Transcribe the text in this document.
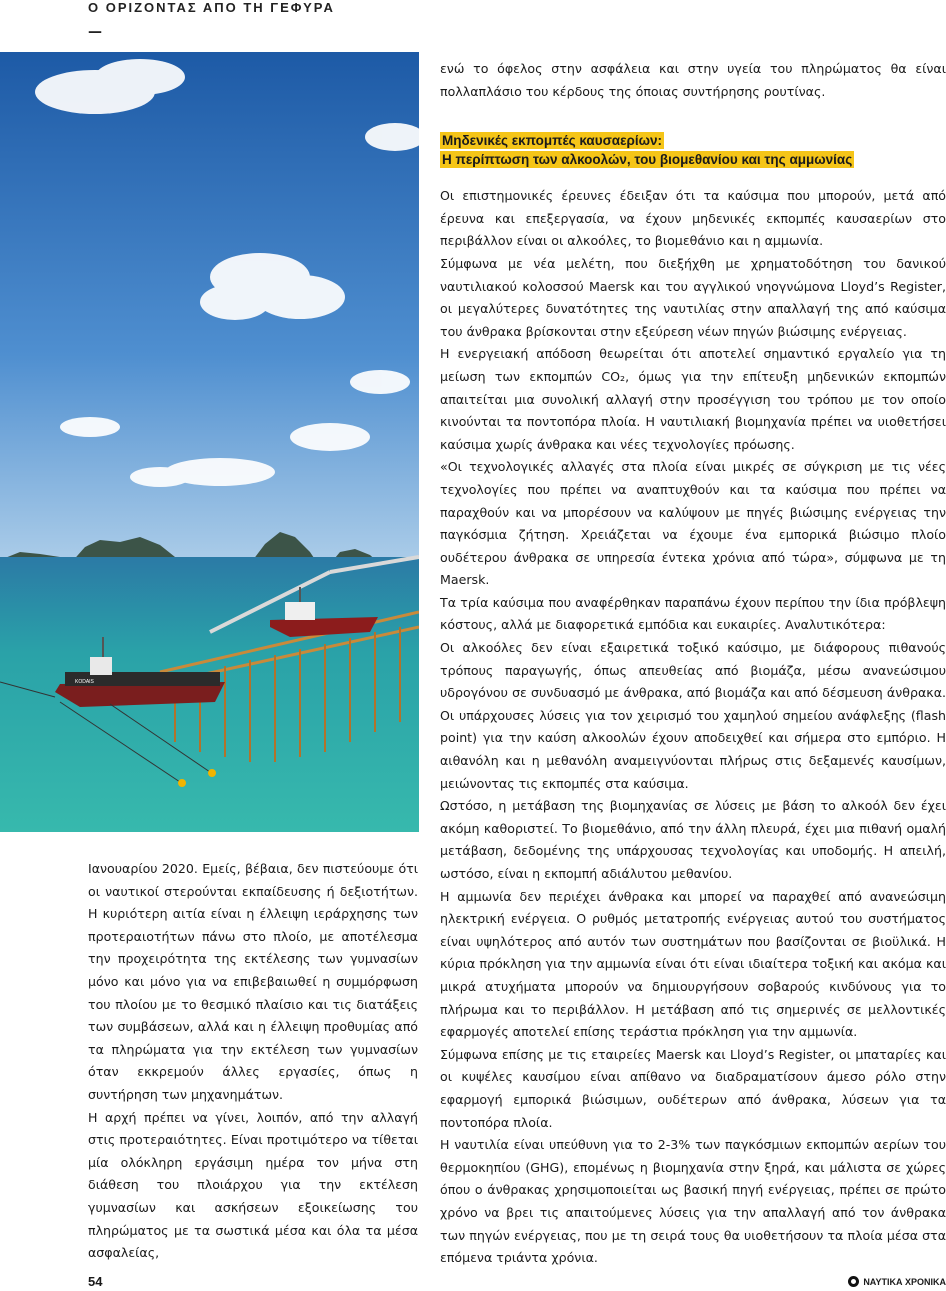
Ο ΟΡΙΖΟΝΤΑΣ ΑΠΟ ΤΗ ΓΕΦΥΡΑ
—
KODAIS

Ιανουαρίου 2020. Εμείς, βέβαια, δεν πιστεύουμε ότι οι ναυτικοί στερούνται εκπαίδευσης ή δεξιοτήτων. Η κυριότερη αιτία είναι η έλλειψη ιεράρχησης των προτεραιοτήτων πάνω στο πλοίο, με αποτέλεσμα την προχειρότητα της εκτέλεσης των γυμνασίων μόνο και μόνο για να επιβεβαιωθεί η συμμόρφωση του πλοίου με το θεσμικό πλαίσιο και τις διατάξεις των συμβάσεων, αλλά και η έλλειψη προθυμίας από τα πληρώματα για την εκτέλεση των γυμνασίων όταν εκκρεμούν άλλες εργασίες, όπως η συντήρηση των μηχανημάτων.

Η αρχή πρέπει να γίνει, λοιπόν, από την αλλαγή στις προτεραιότητες. Είναι προτιμότερο να τίθεται μία ολόκληρη εργάσιμη ημέρα τον μήνα στη διάθεση του πλοιάρχου για την εκτέλεση γυμνασίων και ασκήσεων εξοικείωσης του πληρώματος με τα σωστικά μέσα και όλα τα μέσα ασφαλείας,

ενώ το όφελος στην ασφάλεια και στην υγεία του πληρώματος θα είναι πολλαπλάσιο του κέρδους της όποιας συντήρησης ρουτίνας.

Μηδενικές εκπομπές καυσαερίων:
Η περίπτωση των αλκοολών, του βιομεθανίου και της αμμωνίας

Οι επιστημονικές έρευνες έδειξαν ότι τα καύσιμα που μπορούν, μετά από έρευνα και επεξεργασία, να έχουν μηδενικές εκπομπές καυσαερίων στο περιβάλλον είναι οι αλκοόλες, το βιομεθάνιο και η αμμωνία.

Σύμφωνα με νέα μελέτη, που διεξήχθη με χρηματοδότηση του δανικού ναυτιλιακού κολοσσού Maersk και του αγγλικού νηογνώμονα Lloyd’s Register, οι μεγαλύτερες δυνατότητες της ναυτιλίας στην απαλλαγή της από καύσιμα του άνθρακα βρίσκονται στην εξεύρεση νέων πηγών βιώσιμης ενέργειας.

Η ενεργειακή απόδοση θεωρείται ότι αποτελεί σημαντικό εργαλείο για τη μείωση των εκπομπών CO₂, όμως για την επίτευξη μηδενικών εκπομπών απαιτείται μια συνολική αλλαγή στην προσέγγιση του τρόπου με τον οποίο κινούνται τα ποντοπόρα πλοία. Η ναυτιλιακή βιομηχανία πρέπει να υιοθετήσει καύσιμα χωρίς άνθρακα και νέες τεχνολογίες πρόωσης.

«Οι τεχνολογικές αλλαγές στα πλοία είναι μικρές σε σύγκριση με τις νέες τεχνολογίες που πρέπει να αναπτυχθούν και τα καύσιμα που πρέπει να παραχθούν και να μπορέσουν να καλύψουν με πηγές βιώσιμης ενέργειας την παγκόσμια ζήτηση. Χρειάζεται να έχουμε ένα εμπορικά βιώσιμο πλοίο ουδέτερου άνθρακα σε υπηρεσία έντεκα χρόνια από τώρα», σύμφωνα με τη Maersk.

Τα τρία καύσιμα που αναφέρθηκαν παραπάνω έχουν περίπου την ίδια πρόβλεψη κόστους, αλλά με διαφορετικά εμπόδια και ευκαιρίες. Αναλυτικότερα:

Οι αλκοόλες δεν είναι εξαιρετικά τοξικό καύσιμο, με διάφορους πιθανούς τρόπους παραγωγής, όπως απευθείας από βιομάζα, μέσω ανανεώσιμου υδρογόνου σε συνδυασμό με άνθρακα, από βιομάζα και από δέσμευση άνθρακα. Οι υπάρχουσες λύσεις για τον χειρισμό του χαμηλού σημείου ανάφλεξης (flash point) για την καύση αλκοολών έχουν αποδειχθεί και σήμερα στο εμπόριο. Η αιθανόλη και η μεθανόλη αναμειγνύονται πλήρως στις δεξαμενές καυσίμων, μειώνοντας τις εκπομπές στα καύσιμα.

Ωστόσο, η μετάβαση της βιομηχανίας σε λύσεις με βάση το αλκοόλ δεν έχει ακόμη καθοριστεί. Το βιομεθάνιο, από την άλλη πλευρά, έχει μια πιθανή ομαλή μετάβαση, δεδομένης της υπάρχουσας τεχνολογίας και υποδομής. Η απειλή, ωστόσο, είναι η εκπομπή αδιάλυτου μεθανίου.

Η αμμωνία δεν περιέχει άνθρακα και μπορεί να παραχθεί από ανανεώσιμη ηλεκτρική ενέργεια. Ο ρυθμός μετατροπής ενέργειας αυτού του συστήματος είναι υψηλότερος από αυτόν των συστημάτων που βασίζονται σε βιοϋλικά. Η κύρια πρόκληση για την αμμωνία είναι ότι είναι ιδιαίτερα τοξική και ακόμα και μικρά ατυχήματα μπορούν να δημιουργήσουν σοβαρούς κινδύνους για το πλήρωμα και το περιβάλλον. Η μετάβαση από τις σημερινές σε μελλοντικές εφαρμογές αποτελεί επίσης τεράστια πρόκληση για την αμμωνία.

Σύμφωνα επίσης με τις εταιρείες Maersk και Lloyd’s Register, οι μπαταρίες και οι κυψέλες καυσίμου είναι απίθανο να διαδραματίσουν άμεσο ρόλο στην εφαρμογή εμπορικά βιώσιμων, ουδέτερων από άνθρακα, λύσεων για τα ποντοπόρα πλοία.

Η ναυτιλία είναι υπεύθυνη για το 2-3% των παγκόσμιων εκπομπών αερίων του θερμοκηπίου (GHG), επομένως η βιομηχανία στην ξηρά, και μάλιστα σε χώρες όπου ο άνθρακας χρησιμοποιείται ως βασική πηγή ενέργειας, πρέπει σε πρώτο χρόνο να βρει τις απαιτούμενες λύσεις για την απαλλαγή από τον άνθρακα των πηγών ενέργειας, που με τη σειρά τους θα υιοθετήσουν τα πλοία μέσα στα επόμενα τριάντα χρόνια.

54	ΝΑΥΤΙΚΑ ΧΡΟΝΙΚΑ
